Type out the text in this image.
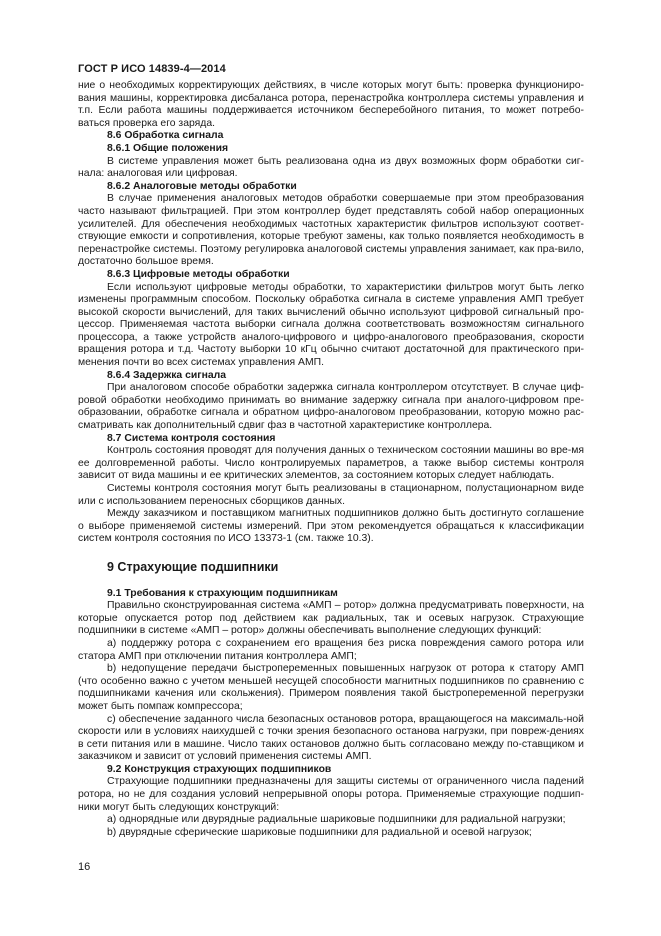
ГОСТ Р ИСО 14839-4—2014

ние о необходимых корректирующих действиях, в числе которых могут быть: проверка функциониро-вания машины, корректировка дисбаланса ротора, перенастройка контроллера системы управления и т.п. Если работа машины поддерживается источником бесперебойного питания, то может потребо-ваться проверка его заряда.

8.6 Обработка сигнала

8.6.1 Общие положения

В системе управления может быть реализована одна из двух возможных форм обработки сиг-нала: аналоговая или цифровая.

8.6.2 Аналоговые методы обработки

В случае применения аналоговых методов обработки совершаемые при этом преобразования часто называют фильтрацией. При этом контроллер будет представлять собой набор операционных усилителей. Для обеспечения необходимых частотных характеристик фильтров используют соответ-ствующие емкости и сопротивления, которые требуют замены, как только появляется необходимость в перенастройке системы. Поэтому регулировка аналоговой системы управления занимает, как пра-вило, достаточно большое время.

8.6.3 Цифровые методы обработки

Если используют цифровые методы обработки, то характеристики фильтров могут быть легко изменены программным способом. Поскольку обработка сигнала в системе управления АМП требует высокой скорости вычислений, для таких вычислений обычно используют цифровой сигнальный про-цессор. Применяемая частота выборки сигнала должна соответствовать возможностям сигнального процессора, а также устройств аналого-цифрового и цифро-аналогового преобразования, скорости вращения ротора и т.д. Частоту выборки 10 кГц обычно считают достаточной для практического при-менения почти во всех системах управления АМП.

8.6.4 Задержка сигнала

При аналоговом способе обработки задержка сигнала контроллером отсутствует. В случае циф-ровой обработки необходимо принимать во внимание задержку сигнала при аналого-цифровом пре-образовании, обработке сигнала и обратном цифро-аналоговом преобразовании, которую можно рас-сматривать как дополнительный сдвиг фаз в частотной характеристике контроллера.

8.7 Система контроля состояния

Контроль состояния проводят для получения данных о техническом состоянии машины во вре-мя ее долговременной работы. Число контролируемых параметров, а также выбор системы контроля зависит от вида машины и ее критических элементов, за состоянием которых следует наблюдать.

Системы контроля состояния могут быть реализованы в стационарном, полустационарном виде или с использованием переносных сборщиков данных.

Между заказчиком и поставщиком магнитных подшипников должно быть достигнуто соглашение о выборе применяемой системы измерений. При этом рекомендуется обращаться к классификации систем контроля состояния по ИСО 13373-1 (см. также 10.3).

9 Страхующие подшипники

9.1 Требования к страхующим подшипникам

Правильно сконструированная система «АМП – ротор» должна предусматривать поверхности, на которые опускается ротор под действием как радиальных, так и осевых нагрузок. Страхующие подшипники в системе «АМП – ротор» должны обеспечивать выполнение следующих функций:

a) поддержку ротора с сохранением его вращения без риска повреждения самого ротора или статора АМП при отключении питания контроллера АМП;

b) недопущение передачи быстропеременных повышенных нагрузок от ротора к статору АМП (что особенно важно с учетом меньшей несущей способности магнитных подшипников по сравнению с подшипниками качения или скольжения). Примером появления такой быстропеременной перегрузки может быть помпаж компрессора;

c) обеспечение заданного числа безопасных остановов ротора, вращающегося на максималь-ной скорости или в условиях наихудшей с точки зрения безопасного останова нагрузки, при повреж-дениях в сети питания или в машине. Число таких остановов должно быть согласовано между по-ставщиком и заказчиком и зависит от условий применения системы АМП.

9.2 Конструкция страхующих подшипников

Страхующие подшипники предназначены для защиты системы от ограниченного числа падений ротора, но не для создания условий непрерывной опоры ротора. Применяемые страхующие подшип-ники могут быть следующих конструкций:

a) однорядные или двурядные радиальные шариковые подшипники для радиальной нагрузки;

b) двурядные сферические шариковые подшипники для радиальной и осевой нагрузок;

16
